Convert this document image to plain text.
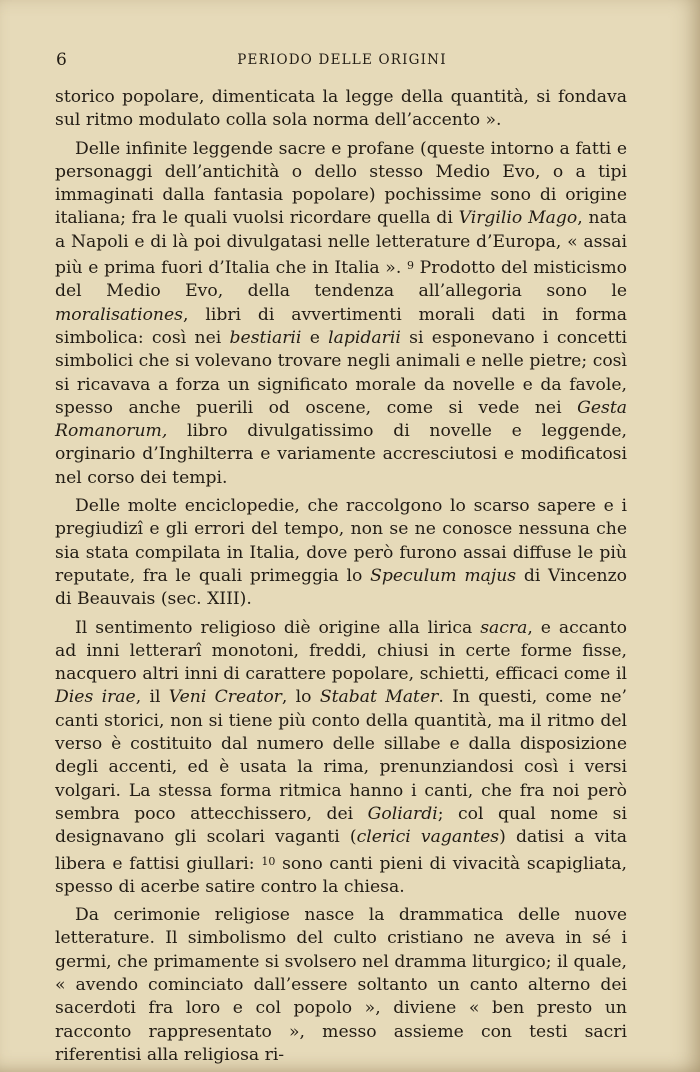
6	PERIODO DELLE ORIGINI

storico popolare, dimenticata la legge della quantità, si fondava sul ritmo modulato colla sola norma dell’accento ».

Delle infinite leggende sacre e profane (queste intorno a fatti e personaggi dell’antichità o dello stesso Medio Evo, o a tipi immaginati dalla fantasia popolare) pochissime sono di origine italiana; fra le quali vuolsi ricordare quella di Virgilio Mago, nata a Napoli e di là poi divulgatasi nelle letterature d’Europa, « assai più e prima fuori d’Italia che in Italia ». $^9$ Prodotto del misticismo del Medio Evo, della tendenza all’allegoria sono le moralisationes, libri di avvertimenti morali dati in forma simbolica: così nei bestiarii e lapidarii si esponevano i concetti simbolici che si volevano trovare negli animali e nelle pietre; così si ricavava a forza un significato morale da novelle e da favole, spesso anche puerili od oscene, come si vede nei Gesta Romanorum, libro divulgatissimo di novelle e leggende, orginario d’Inghilterra e variamente accresciutosi e modificatosi nel corso dei tempi.

Delle molte enciclopedie, che raccolgono lo scarso sapere e i pregiudizî e gli errori del tempo, non se ne conosce nessuna che sia stata compilata in Italia, dove però furono assai diffuse le più reputate, fra le quali primeggia lo Speculum majus di Vincenzo di Beauvais (sec. XIII).

Il sentimento religioso diè origine alla lirica sacra, e accanto ad inni letterarî monotoni, freddi, chiusi in certe forme fisse, nacquero altri inni di carattere popolare, schietti, efficaci come il Dies irae, il Veni Creator, lo Stabat Mater. In questi, come ne’ canti storici, non si tiene più conto della quantità, ma il ritmo del verso è costituito dal numero delle sillabe e dalla disposizione degli accenti, ed è usata la rima, prenunziandosi così i versi volgari. La stessa forma ritmica hanno i canti, che fra noi però sembra poco attecchissero, dei Goliardi; col qual nome si designavano gli scolari vaganti (clerici vagantes) datisi a vita libera e fattisi giullari: $^{10}$ sono canti pieni di vivacità scapigliata, spesso di acerbe satire contro la chiesa.

Da cerimonie religiose nasce la drammatica delle nuove letterature. Il simbolismo del culto cristiano ne aveva in sé i germi, che primamente si svolsero nel dramma liturgico; il quale, « avendo cominciato dall’essere soltanto un canto alterno dei sacerdoti fra loro e col popolo », diviene « ben presto un racconto rappresentato », messo assieme con testi sacri riferentisi alla religiosa ri-
